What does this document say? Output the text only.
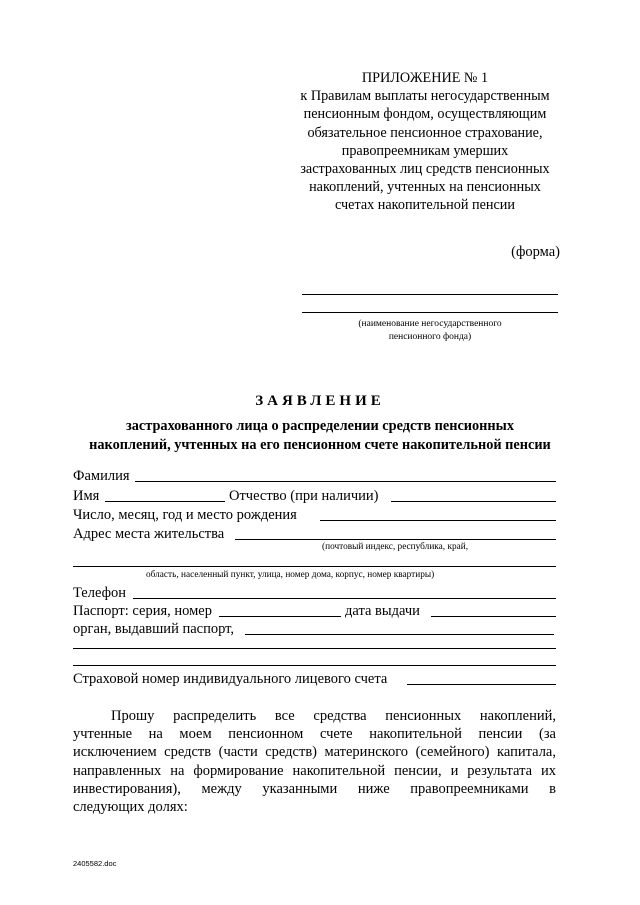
ПРИЛОЖЕНИЕ № 1
к Правилам выплаты негосударственным
пенсионным фондом, осуществляющим
обязательное пенсионное страхование,
правопреемникам умерших
застрахованных лиц средств пенсионных
накоплений, учтенных на пенсионных
счетах накопительной пенсии
(форма)
(наименование негосударственного
пенсионного фонда)
ЗАЯВЛЕНИЕ
застрахованного лица о распределении средств пенсионных
накоплений, учтенных на его пенсионном счете накопительной пенсии
Фамилия
Имя	Отчество (при наличии)
Число, месяц, год и место рождения
Адрес места жительства
(почтовый индекс, республика, край,
область, населенный пункт, улица, номер дома, корпус, номер квартиры)
Телефон
Паспорт: серия, номер	дата выдачи
орган, выдавший паспорт,
Страховой номер индивидуального лицевого счета
Прошу распределить все средства пенсионных накоплений,
учтенные на моем пенсионном счете накопительной пенсии (за
исключением средств (части средств) материнского (семейного) капитала,
направленных на формирование накопительной пенсии, и результата их
инвестирования), между указанными ниже правопреемниками в
следующих долях:
2405582.doc
